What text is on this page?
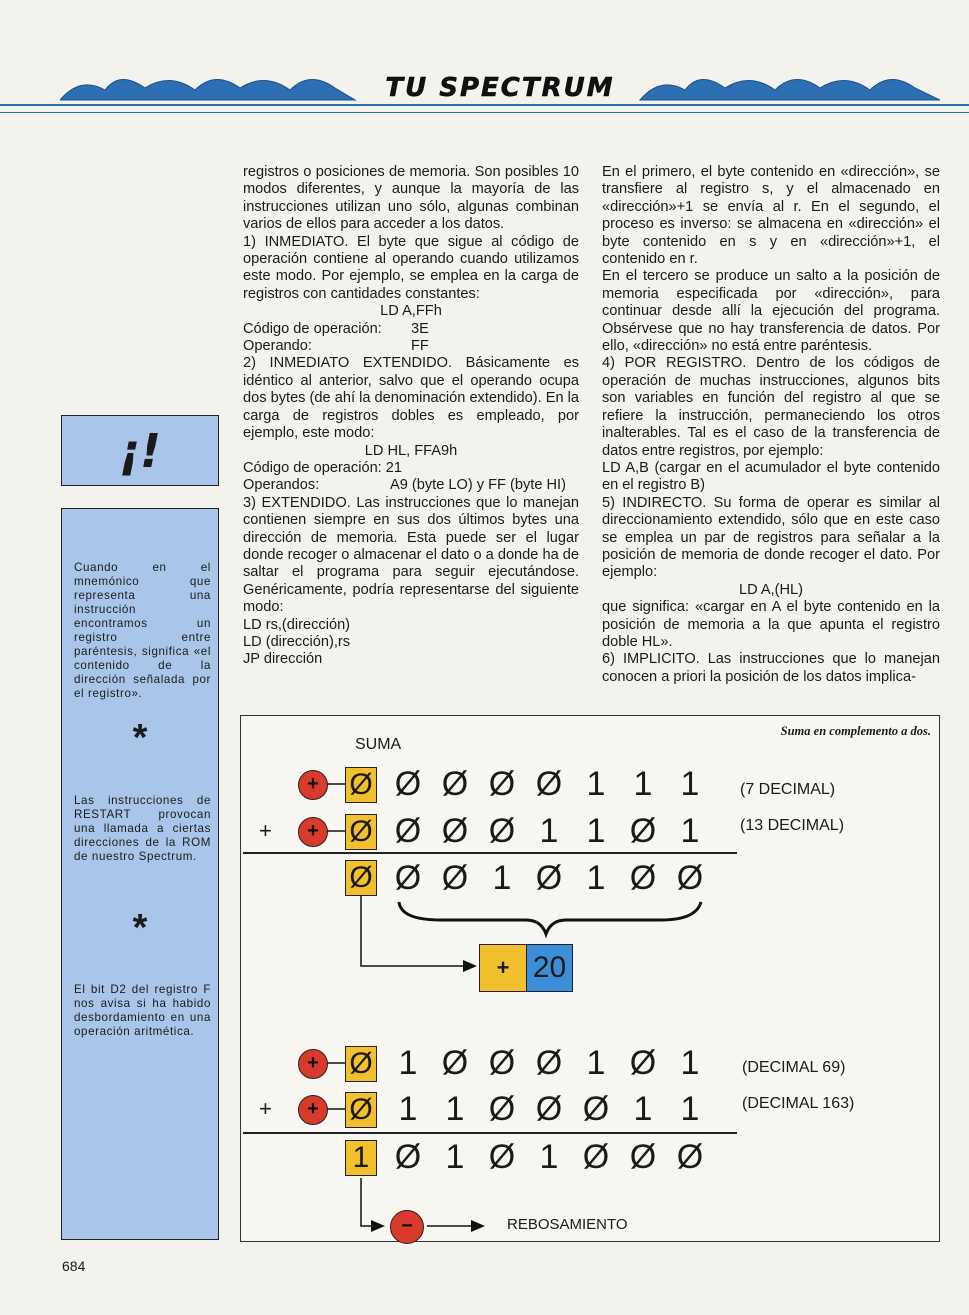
TU SPECTRUM
¡!
Cuando en el mnemónico que representa una instrucción encontramos un registro entre paréntesis, significa «el contenido de la dirección señalada por el registro».
*
Las instrucciones de RESTART provocan una llamada a ciertas direcciones de la ROM de nuestro Spectrum.
*
El bit D2 del registro F nos avisa si ha habido desbordamiento en una operación aritmética.

registros o posiciones de memoria. Son posibles 10 modos diferentes, y aunque la mayoría de las instrucciones utilizan uno sólo, algunas combinan varios de ellos para acceder a los datos.

1) INMEDIATO. El byte que sigue al código de operación contiene al operando cuando utilizamos este modo. Por ejemplo, se emplea en la carga de registros con cantidades constantes:

LD A,FFh

Código de operación:	3E
Operando:	FF

2) INMEDIATO EXTENDIDO. Básicamente es idéntico al anterior, salvo que el operando ocupa dos bytes (de ahí la denominación extendido). En la carga de registros dobles es empleado, por ejemplo, este modo:

LD HL, FFA9h

Código de operación: 21

Operandos:	A9 (byte LO) y FF (byte HI)

3) EXTENDIDO. Las instrucciones que lo manejan contienen siempre en sus dos últimos bytes una dirección de memoria. Esta puede ser el lugar donde recoger o almacenar el dato o a donde ha de saltar el programa para seguir ejecutándose. Genéricamente, podría representarse del siguiente modo:

LD rs,(dirección)

LD (dirección),rs

JP dirección

En el primero, el byte contenido en «dirección», se transfiere al registro s, y el almacenado en «dirección»+1 se envía al r. En el segundo, el proceso es inverso: se almacena en «dirección» el byte contenido en s y en «dirección»+1, el contenido en r.

En el tercero se produce un salto a la posición de memoria especificada por «dirección», para continuar desde allí la ejecución del programa. Obsérvese que no hay transferencia de datos. Por ello, «dirección» no está entre paréntesis.

4) POR REGISTRO. Dentro de los códigos de operación de muchas instrucciones, algunos bits son variables en función del registro al que se refiere la instrucción, permaneciendo los otros inalterables. Tal es el caso de la transferencia de datos entre registros, por ejemplo:

LD A,B (cargar en el acumulador el byte contenido en el registro B)

5) INDIRECTO. Su forma de operar es similar al direccionamiento extendido, sólo que en este caso se emplea un par de registros para señalar a la posición de memoria de donde recoger el dato. Por ejemplo:

LD A,(HL)

que significa: «cargar en A el byte contenido en la posición de memoria a la que apunta el registro doble HL».

6) IMPLICITO. Las instrucciones que lo manejan conocen a priori la posición de los datos implica-

Suma en complemento a dos.
SUMA
+	Ø Ø Ø Ø Ø 1 1 1	(7 DECIMAL)
+	+	Ø Ø Ø Ø 1 1 Ø 1	(13 DECIMAL)
Ø Ø Ø 1 Ø 1 Ø Ø
+ 20
+	Ø 1 Ø Ø Ø 1 Ø 1	(DECIMAL 69)
+	+	Ø 1 1 Ø Ø Ø 1 1	(DECIMAL 163)
1 Ø 1 Ø 1 Ø Ø Ø
−	REBOSAMIENTO
684
